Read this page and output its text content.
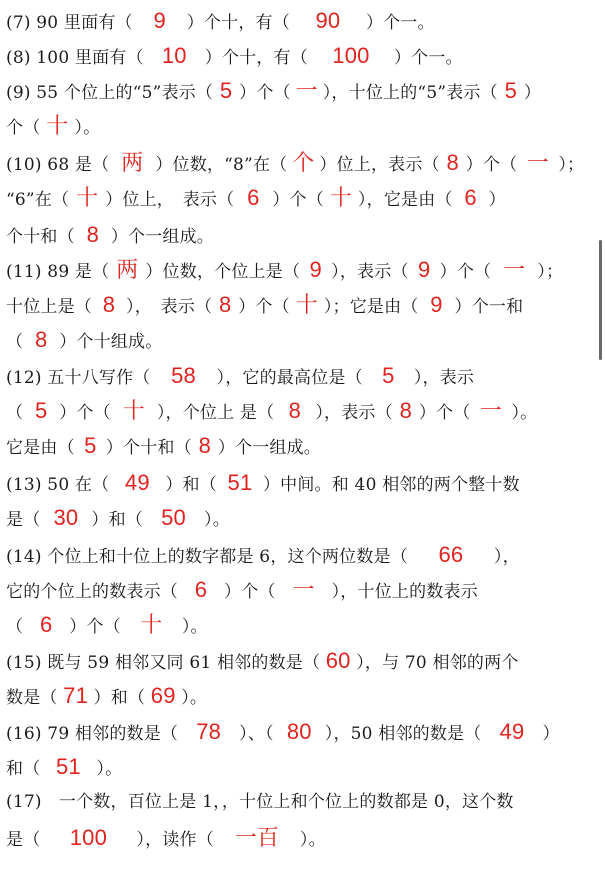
(7) 90 里面有（ 9 ）个十，有（ 90 ）个一。
(8) 100 里面有（ 10 ）个十，有（ 100 ）个一。
(9) 55 个位上的“5”表示（ 5 ）个（ 一 ），十位上的“5”表示（ 5 ）
个（ 十 ）。
(10) 68 是（ 两 ）位数，“8”在（ 个 ）位上，表示（ 8 ）个（ 一 ）；
“6”在（ 十 ）位上，　表示（ 6 ）个（ 十 ），它是由（ 6 ）
个十和（ 8 ）个一组成。
(11) 89 是（ 两 ）位数，个位上是（ 9 ），表示（ 9 ）个（ 一 ）；
十位上是（ 8 ），　表示（ 8 ）个（ 十 ）；它是由（ 9 ）个一和
（ 8 ）个十组成。
(12) 五十八写作（ 58 ），它的最高位是（ 5 ），表示
（ 5 ）个（ 十 ），个位上 是（ 8 ），表示（ 8 ）个（ 一 ）。
它是由（ 5 ）个十和（ 8 ）个一组成。
(13) 50 在（ 49 ）和（ 51 ）中间。和 40 相邻的两个整十数
是（ 30 ）和（ 50 ）。
(14) 个位上和十位上的数字都是 6，这个两位数是（ 66 ），
它的个位上的数表示（ 6 ）个（ 一 ），十位上的数表示
（ 6 ）个（ 十 ）。
(15) 既与 59 相邻又同 61 相邻的数是（ 60 ），与 70 相邻的两个
数是（ 71 ）和（ 69 ）。
(16) 79 相邻的数是（ 78 ）、（ 80 ），50 相邻的数是（ 49 ）
和（ 51 ）。
(17)　一个数，百位上是 1，，十位上和个位上的数都是 0，这个数
是（ 100 ），读作（ 一百 ）。
